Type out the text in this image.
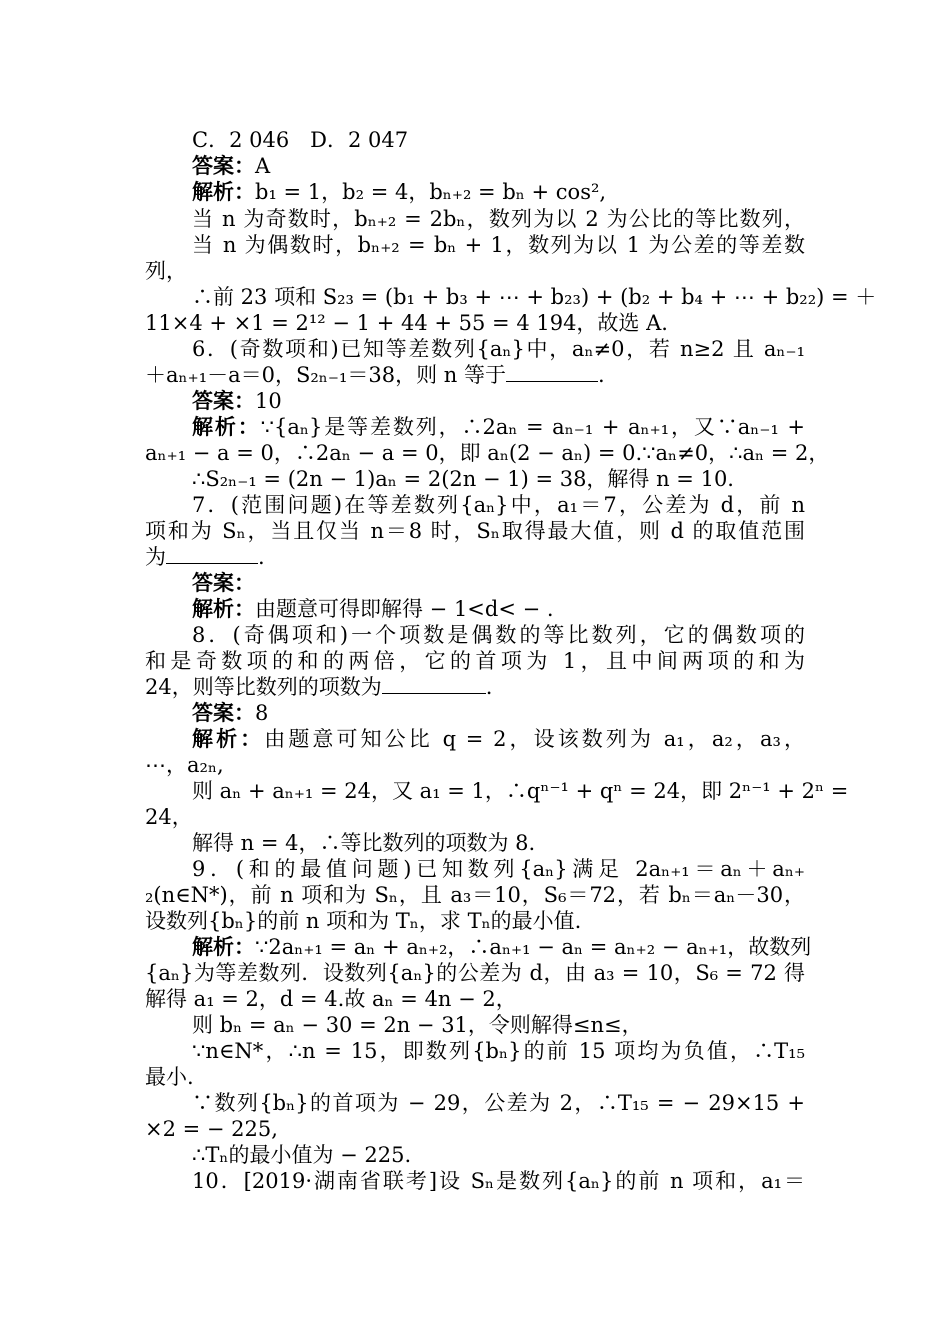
C．2 046　D．2 047
答案：A
解析：b₁ = 1，b₂ = 4，bₙ₊₂ = bₙ + cos²,
当 n 为奇数时，bₙ₊₂ = 2bₙ，数列为以 2 为公比的等比数列，
当 n 为偶数时，bₙ₊₂ = bₙ + 1，数列为以 1 为公差的等差数
列，
∴前 23 项和 S₂₃ = (b₁ + b₃ + ⋯ + b₂₃) + (b₂ + b₄ + ⋯ + b₂₂) = ＋
11×4 + ×1 = 2¹² − 1 + 44 + 55 = 4 194，故选 A.
6．(奇数项和)已知等差数列{aₙ}中，aₙ≠0，若 n≥2 且 aₙ₋₁
＋aₙ₊₁－a＝0，S₂ₙ₋₁＝38，则 n 等于	.
答案：10
解析：∵{aₙ}是等差数列，∴2aₙ = aₙ₋₁ + aₙ₊₁，又∵aₙ₋₁ +
aₙ₊₁ − a = 0，∴2aₙ − a = 0，即 aₙ(2 − aₙ) = 0.∵aₙ≠0，∴aₙ = 2，
∴S₂ₙ₋₁ = (2n − 1)aₙ = 2(2n − 1) = 38，解得 n = 10.
7．(范围问题)在等差数列{aₙ}中，a₁＝7，公差为 d，前 n
项和为 Sₙ，当且仅当 n＝8 时，Sₙ取得最大值，则 d 的取值范围
为	.
答案：
解析：由题意可得即解得 − 1<d< − .
8．(奇偶项和)一个项数是偶数的等比数列，它的偶数项的
和是奇数项的和的两倍，它的首项为 1，且中间两项的和为
24，则等比数列的项数为	.
答案：8
解析：由题意可知公比 q = 2，设该数列为 a₁，a₂，a₃，
⋯，a₂ₙ,
则 aₙ + aₙ₊₁ = 24，又 a₁ = 1，∴qⁿ⁻¹ + qⁿ = 24，即 2ⁿ⁻¹ + 2ⁿ =
24，
解得 n = 4，∴等比数列的项数为 8.
9．(和的最值问题)已知数列{aₙ}满足 2aₙ₊₁＝aₙ＋aₙ₊
₂(n∈N*)，前 n 项和为 Sₙ，且 a₃＝10，S₆＝72，若 bₙ＝aₙ－30，
设数列{bₙ}的前 n 项和为 Tₙ，求 Tₙ的最小值.
解析：∵2aₙ₊₁ = aₙ + aₙ₊₂，∴aₙ₊₁ − aₙ = aₙ₊₂ − aₙ₊₁，故数列
{aₙ}为等差数列．设数列{aₙ}的公差为 d，由 a₃ = 10，S₆ = 72 得
解得 a₁ = 2，d = 4.故 aₙ = 4n − 2，
则 bₙ = aₙ − 30 = 2n − 31，令则解得≤n≤，
∵n∈N*，∴n = 15，即数列{bₙ}的前 15 项均为负值，∴T₁₅
最小.
∵数列{bₙ}的首项为 − 29，公差为 2，∴T₁₅ = − 29×15 +
×2 = − 225,
∴Tₙ的最小值为 − 225.
10．[2019·湖南省联考]设 Sₙ是数列{aₙ}的前 n 项和，a₁＝
